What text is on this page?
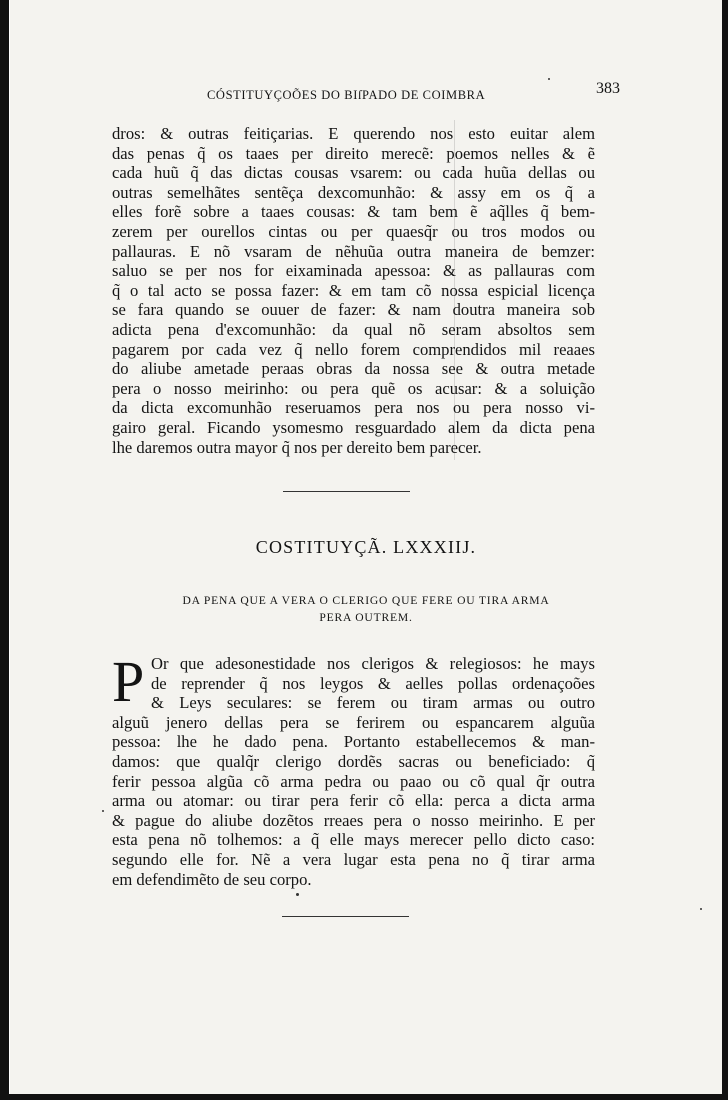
CÓSTITUYÇOÕES DO BIſPADO DE COIMBRA	383
dros: & outras feitiçarias. E querendo nos esto euitar alem
das penas q̃ os taaes per direito merecẽ: poemos nelles & ẽ
cada huũ q̃ das dictas cousas vsarem: ou cada huũa dellas ou
outras semelhãtes sentẽça dexcomunhão: & assy em os q̃ a
elles forẽ sobre a taaes cousas: & tam bem ẽ aq̃lles q̃ bem-
zerem per ourellos cintas ou per quaesq̃r ou tros modos ou
pallauras. E nõ vsaram de nẽhuũa outra maneira de bemzer:
saluo se per nos for eixaminada apessoa: & as pallauras com
q̃ o tal acto se possa fazer: & em tam cõ nossa espicial licença
se fara quando se ouuer de fazer: & nam doutra maneira sob
adicta pena d'excomunhão: da qual nõ seram absoltos sem
pagarem por cada vez q̃ nello forem comprendidos mil reaaes
do aliube ametade peraas obras da nossa see & outra metade
pera o nosso meirinho: ou pera quẽ os acusar: & a soluição
da dicta excomunhão reseruamos pera nos ou pera nosso vi-
gairo geral. Ficando ysomesmo resguardado alem da dicta pena
lhe daremos outra mayor q̃ nos per dereito bem parecer.
COSTITUYÇÃ. LXXXIIJ.
DA PENA QUE A VERA O CLERIGO QUE FERE OU TIRA ARMA
PERA OUTREM.
P Or que adesonestidade nos clerigos & relegiosos: he mays
de reprender q̃ nos leygos & aelles pollas ordenaçoões
& Leys seculares: se ferem ou tiram armas ou outro
alguũ jenero dellas pera se ferirem ou espancarem alguũa
pessoa: lhe he dado pena. Portanto estabellecemos & man-
damos: que qualq̃r clerigo dordẽs sacras ou beneficiado: q̃
ferir pessoa algũa cõ arma pedra ou paao ou cõ qual q̃r outra
arma ou atomar: ou tirar pera ferir cõ ella: perca a dicta arma
& pague do aliube dozẽtos rreaes pera o nosso meirinho. E per
esta pena nõ tolhemos: a q̃ elle mays merecer pello dicto caso:
segundo elle for. Nẽ a vera lugar esta pena no q̃ tirar arma
em defendimẽto de seu corpo.
